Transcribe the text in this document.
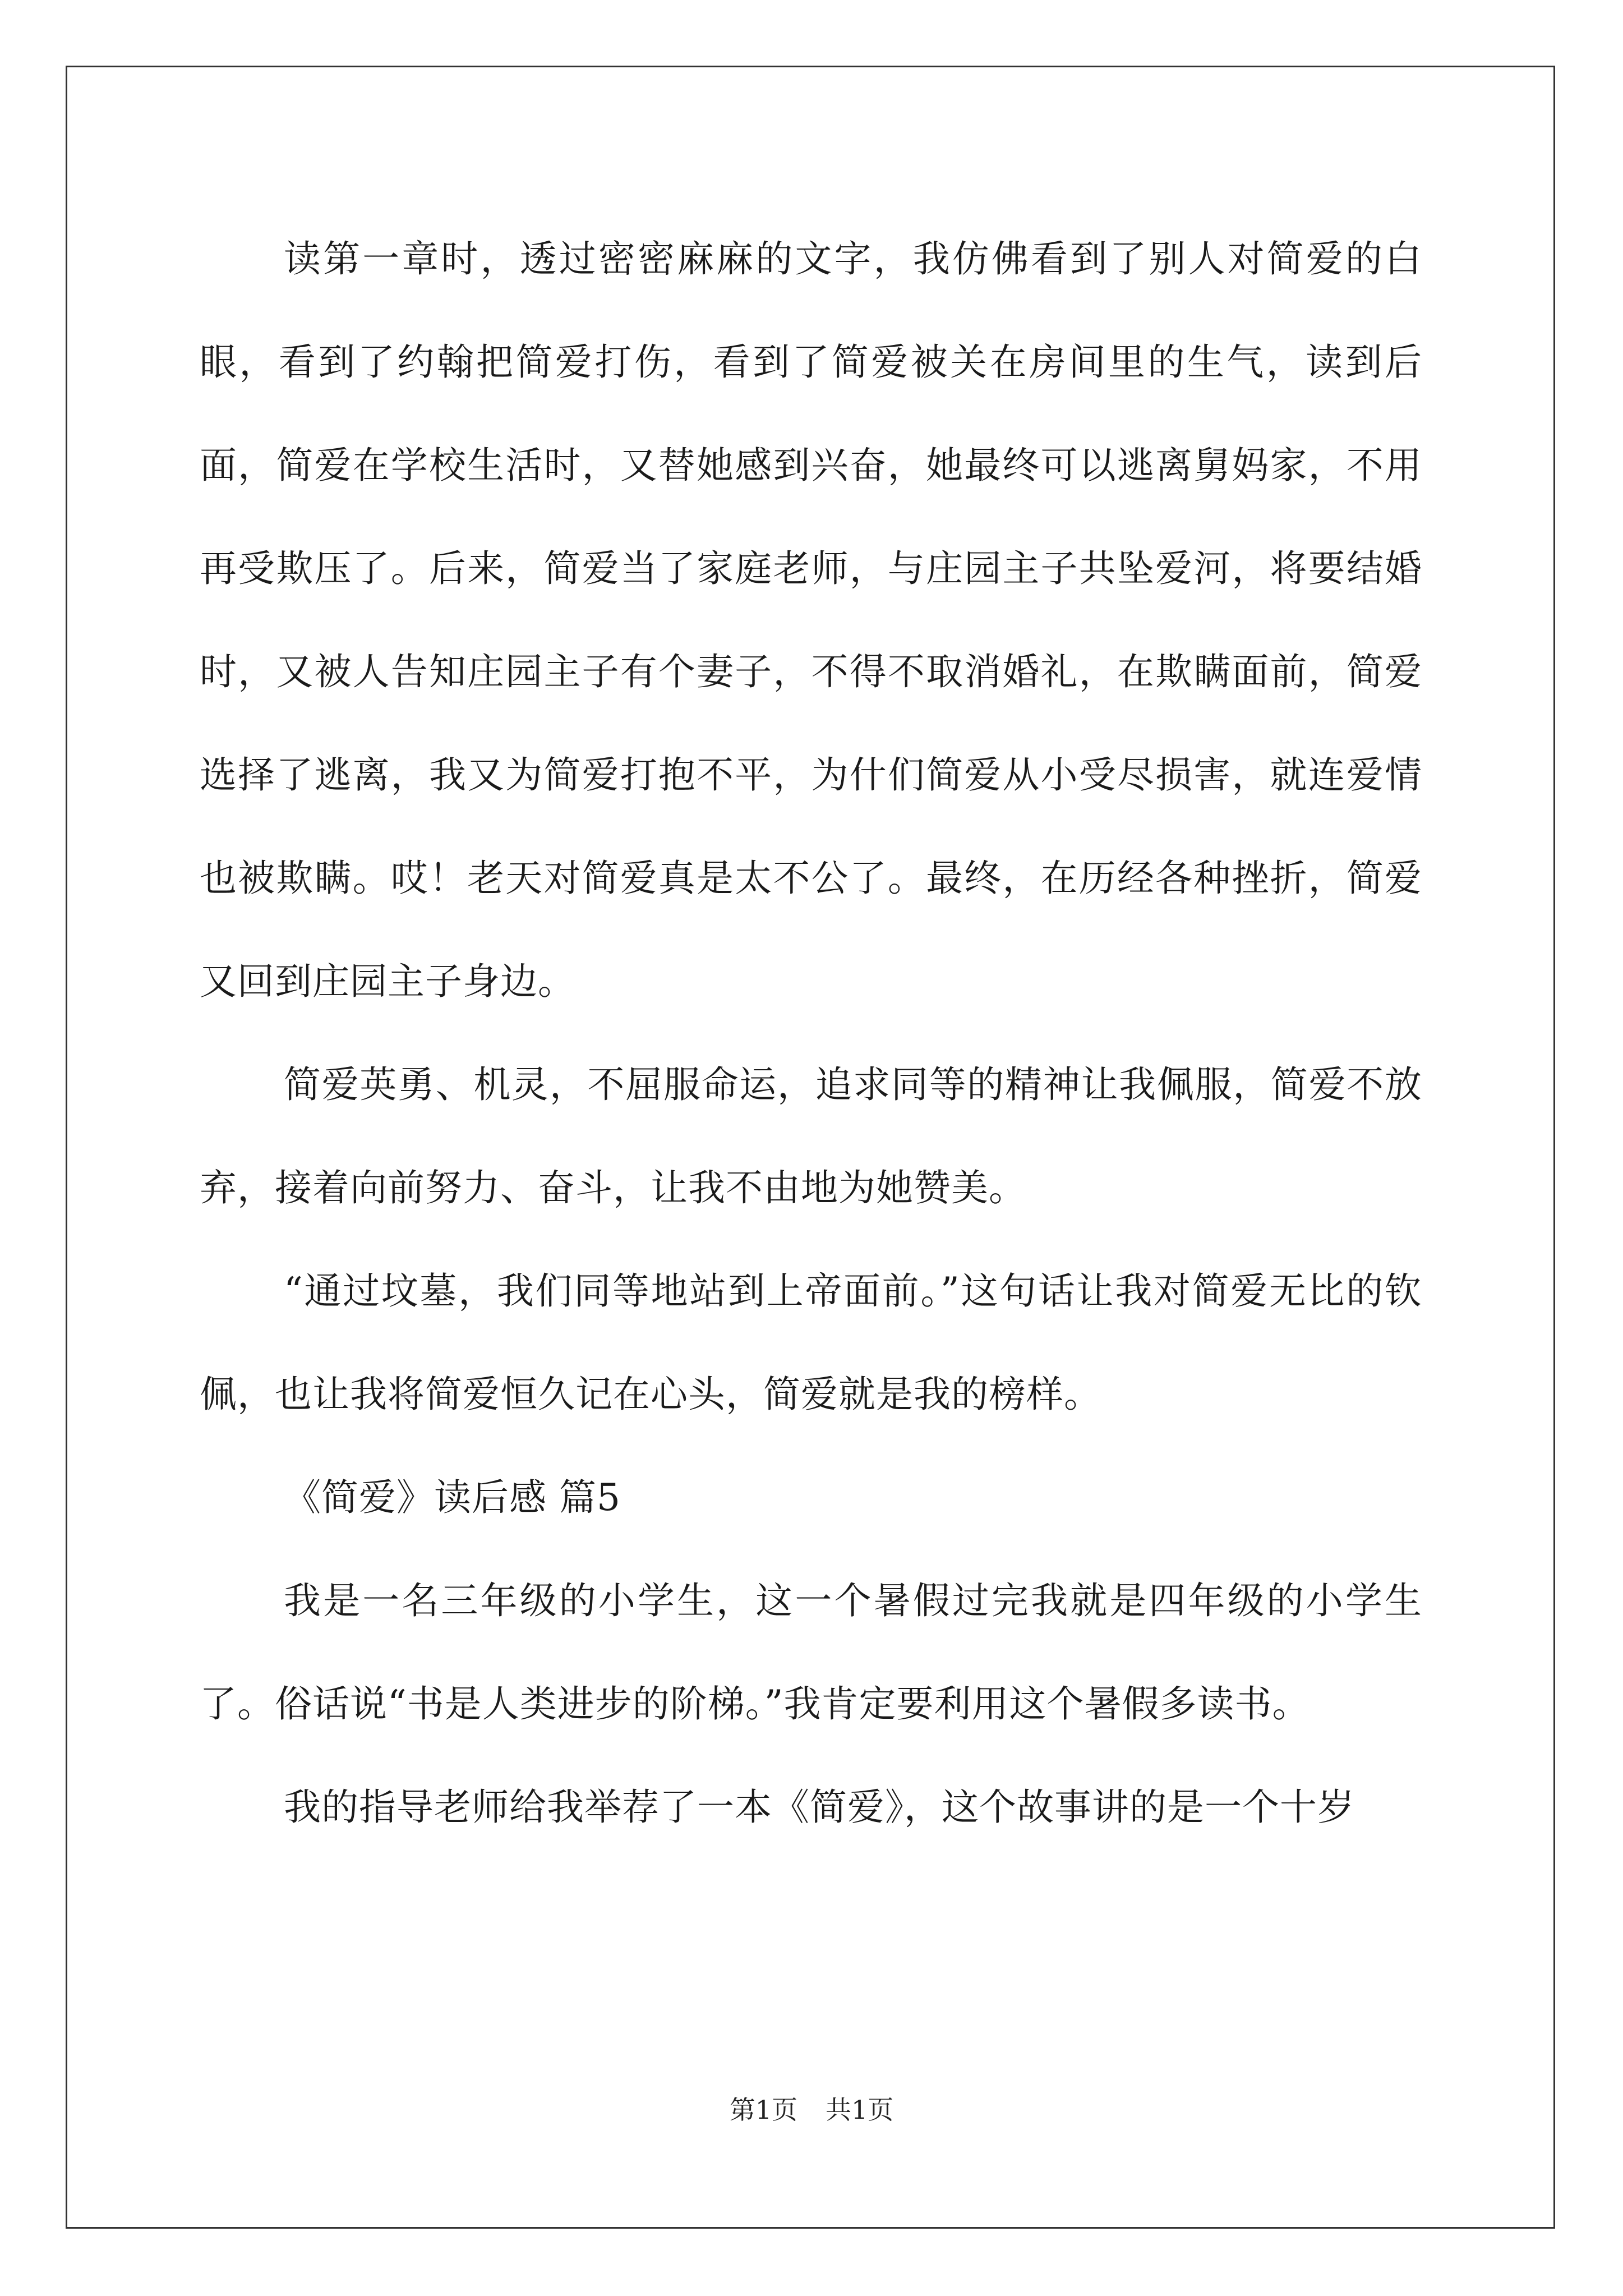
读第一章时，透过密密麻麻的文字，我仿佛看到了别人对简爱的白眼，看到了约翰把简爱打伤，看到了简爱被关在房间里的生气，读到后面，简爱在学校生活时，又替她感到兴奋，她最终可以逃离舅妈家，不用再受欺压了。后来，简爱当了家庭老师，与庄园主子共坠爱河，将要结婚时，又被人告知庄园主子有个妻子，不得不取消婚礼，在欺瞒面前，简爱选择了逃离，我又为简爱打抱不平，为什们简爱从小受尽损害，就连爱情也被欺瞒。哎！老天对简爱真是太不公了。最终，在历经各种挫折，简爱又回到庄园主子身边。

简爱英勇、机灵，不屈服命运，追求同等的精神让我佩服，简爱不放弃，接着向前努力、奋斗，让我不由地为她赞美。

“通过坟墓，我们同等地站到上帝面前。”这句话让我对简爱无比的钦佩，也让我将简爱恒久记在心头，简爱就是我的榜样。

《简爱》读后感 篇5

我是一名三年级的小学生，这一个暑假过完我就是四年级的小学生了。俗话说“书是人类进步的阶梯。”我肯定要利用这个暑假多读书。

我的指导老师给我举荐了一本《简爱》，这个故事讲的是一个十岁

第1页 共1页
